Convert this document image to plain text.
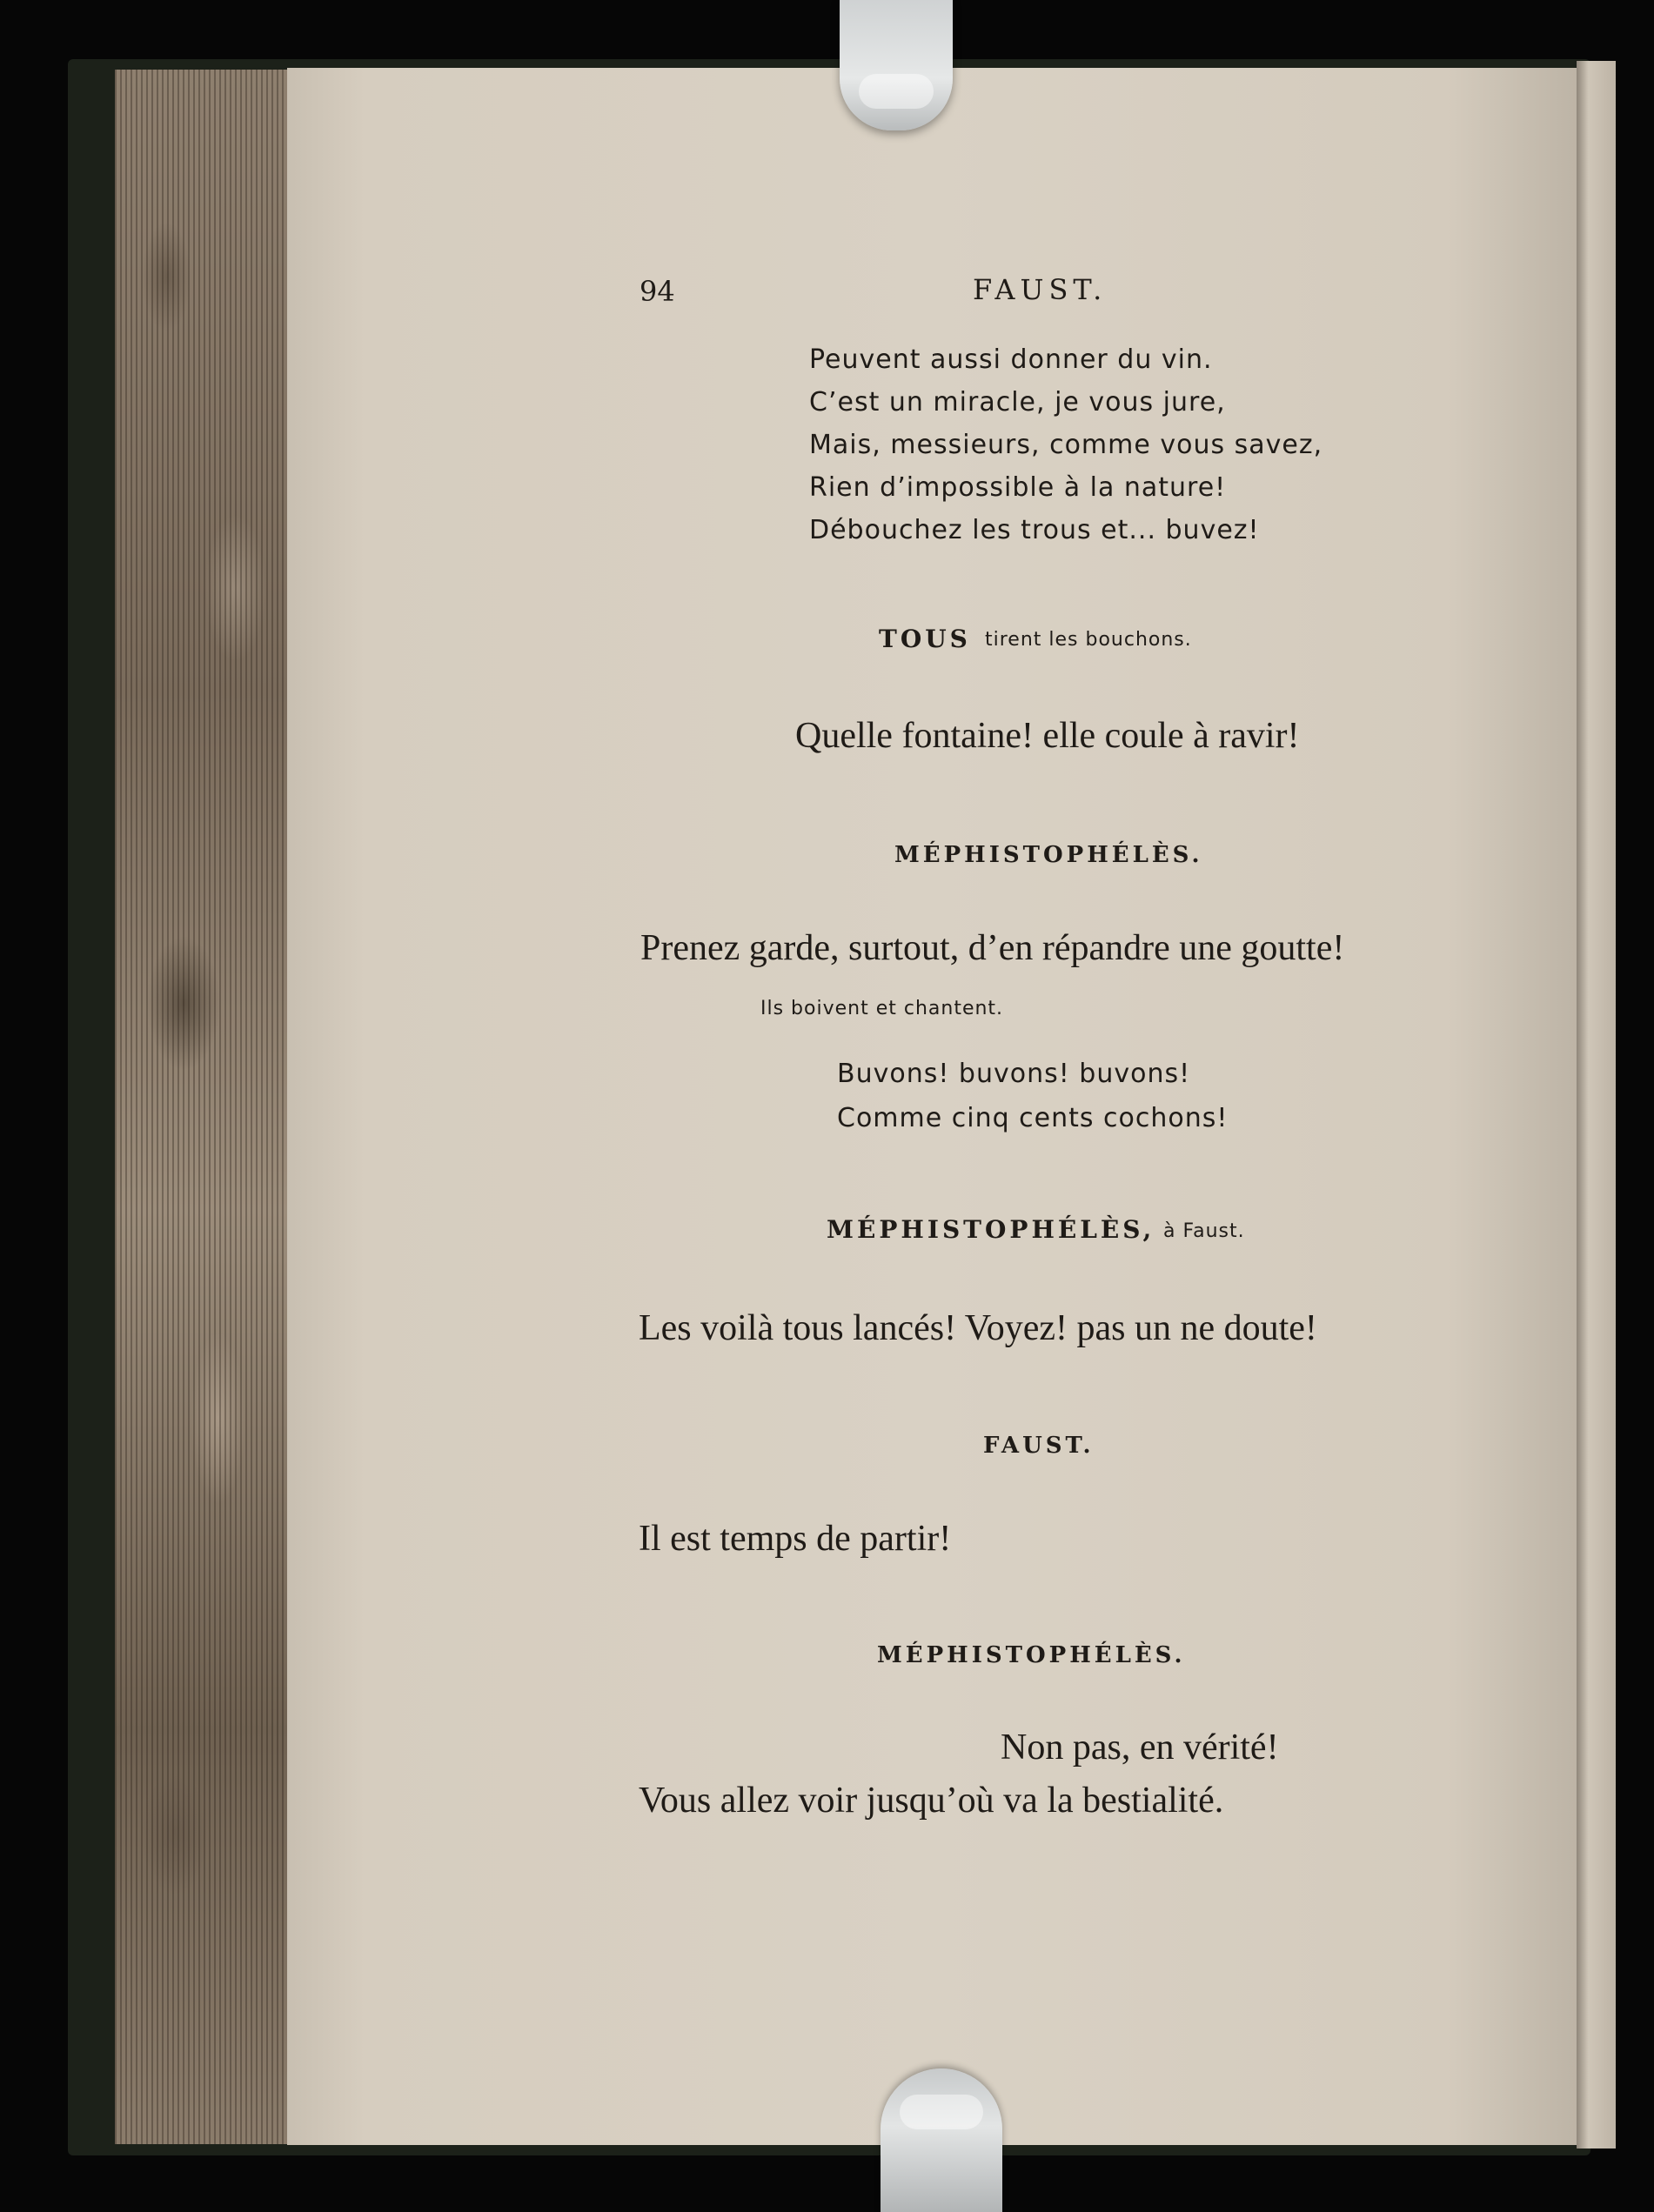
94	FAUST.

Peuvent aussi donner du vin.

C’est un miracle, je vous jure,

Mais, messieurs, comme vous savez,

Rien d’impossible à la nature!

Débouchez les trous et... buvez!

TOUS tirent les bouchons.

Quelle fontaine! elle coule à ravir!

MÉPHISTOPHÉLÈS.

Prenez garde, surtout, d’en répandre une goutte!

Ils boivent et chantent.

Buvons! buvons! buvons!

Comme cinq cents cochons!

MÉPHISTOPHÉLÈS, à Faust.

Les voilà tous lancés! Voyez! pas un ne doute!

FAUST.

Il est temps de partir!

MÉPHISTOPHÉLÈS.

Non pas, en vérité!

Vous allez voir jusqu’où va la bestialité.
